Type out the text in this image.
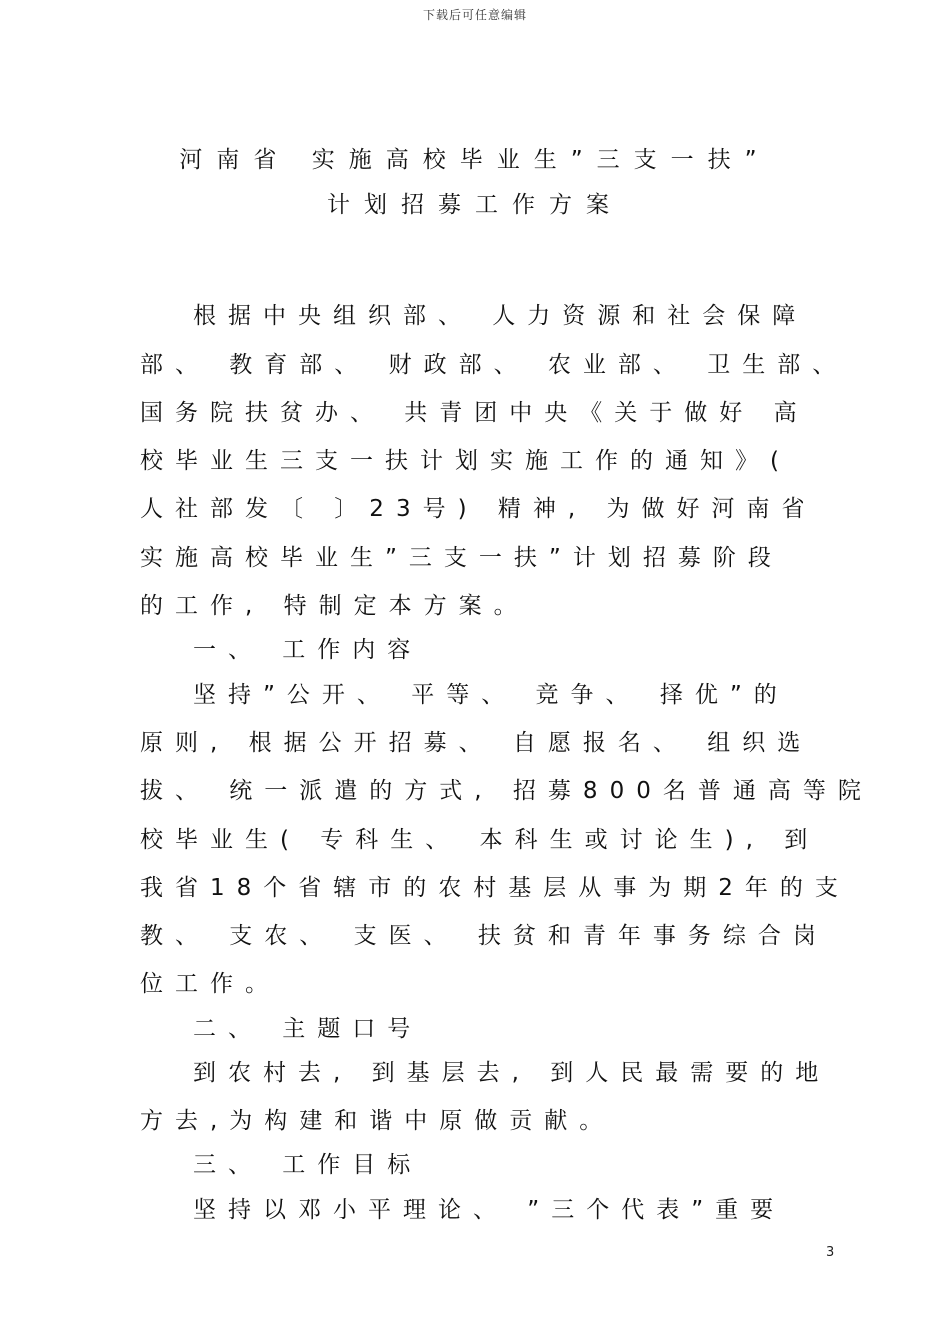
下载后可任意编辑
河南省 实施高校毕业生”三支一扶”
计划招募工作方案
根据中央组织部、 人力资源和社会保障
部、 教育部、 财政部、 农业部、 卫生部、
国务院扶贫办、 共青团中央《关于做好 高
校毕业生三支一扶计划实施工作的通知》(
人社部发〔 〕23号) 精神, 为做好河南省
实施高校毕业生”三支一扶”计划招募阶段
的工作, 特制定本方案。
一、 工作内容
坚持”公开、 平等、 竞争、 择优”的
原则, 根据公开招募、 自愿报名、 组织选
拔、 统一派遣的方式, 招募800名普通高等院
校毕业生( 专科生、 本科生或讨论生), 到
我省18个省辖市的农村基层从事为期2年的支
教、 支农、 支医、 扶贫和青年事务综合岗
位工作。
二、 主题口号
到农村去, 到基层去, 到人民最需要的地
方去,为构建和谐中原做贡献。
三、 工作目标
坚持以邓小平理论、 ”三个代表”重要
3
